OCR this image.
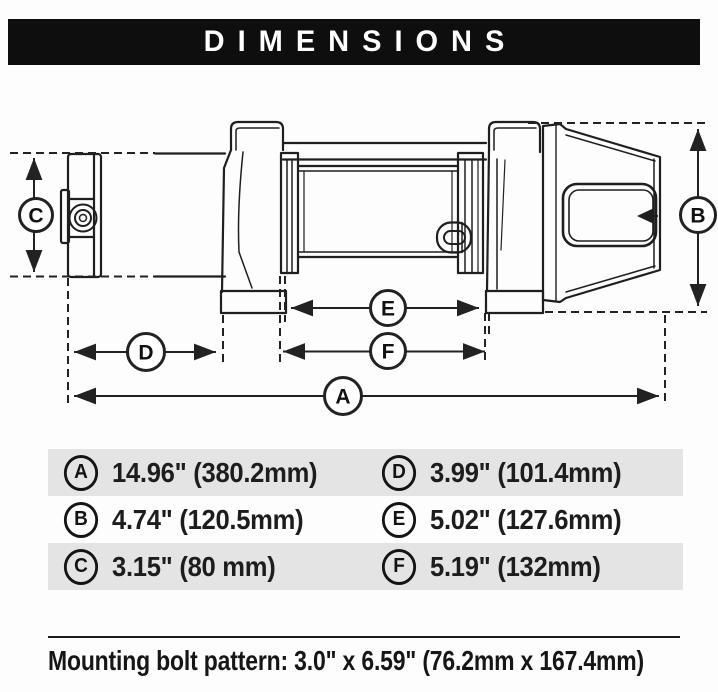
DIMENSIONS
C	B
D
E
F
A
A 14.96" (380.2mm)	D 3.99" (101.4mm)
B 4.74" (120.5mm)	E 5.02" (127.6mm)
C 3.15" (80 mm)	F 5.19" (132mm)
Mounting bolt pattern: 3.0" x 6.59" (76.2mm x 167.4mm)
